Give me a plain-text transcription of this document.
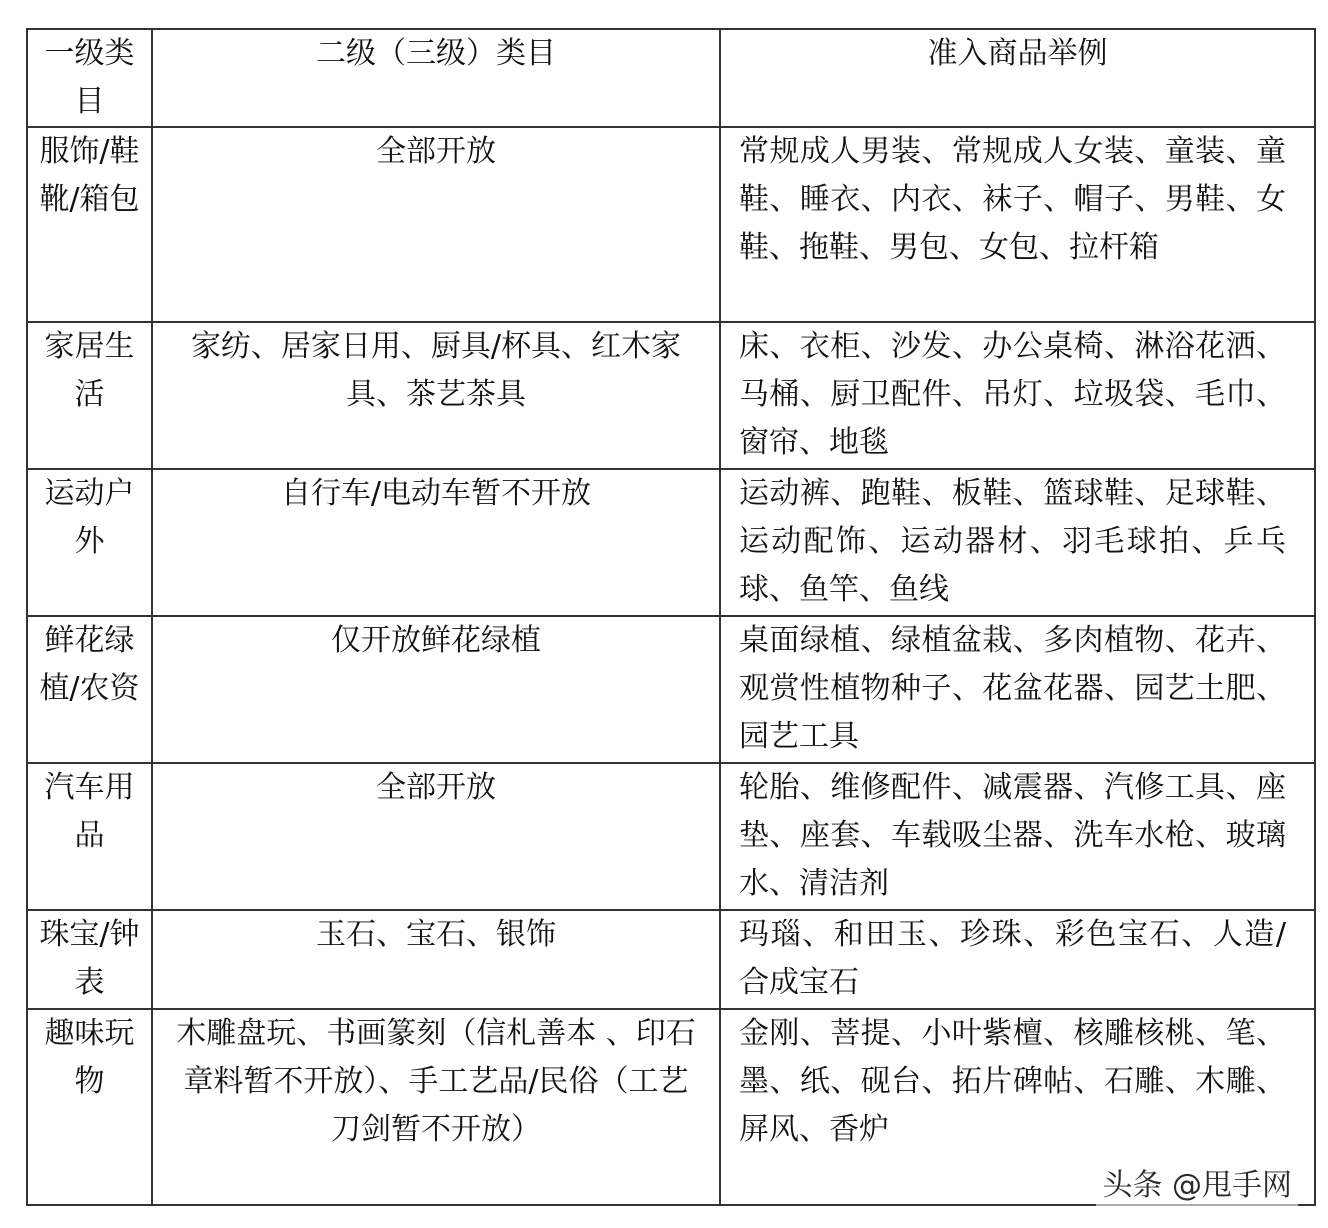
一级类目	二级（三级）类目	准入商品举例
服饰/鞋靴/箱包	全部开放	常规成人男装、常规成人女装、童装、童鞋、睡衣、内衣、袜子、帽子、男鞋、女鞋、拖鞋、男包、女包、拉杆箱
家居生活	家纺、居家日用、厨具/杯具、红木家具、茶艺茶具	床、衣柜、沙发、办公桌椅、淋浴花洒、马桶、厨卫配件、吊灯、垃圾袋、毛巾、窗帘、地毯
运动户外	自行车/电动车暂不开放	运动裤、跑鞋、板鞋、篮球鞋、足球鞋、运动配饰、运动器材、羽毛球拍、乒乓球、鱼竿、鱼线
鲜花绿植/农资	仅开放鲜花绿植	桌面绿植、绿植盆栽、多肉植物、花卉、观赏性植物种子、花盆花器、园艺土肥、园艺工具
汽车用品	全部开放	轮胎、维修配件、减震器、汽修工具、座垫、座套、车载吸尘器、洗车水枪、玻璃水、清洁剂
珠宝/钟表	玉石、宝石、银饰	玛瑙、和田玉、珍珠、彩色宝石、人造/合成宝石
趣味玩物	木雕盘玩、书画篆刻（信札善本 、印石章料暂不开放）、手工艺品/民俗（工艺刀剑暂不开放）	金刚、菩提、小叶紫檀、核雕核桃、笔、墨、纸、砚台、拓片碑帖、石雕、木雕、屏风、香炉
头条 @甩手网
